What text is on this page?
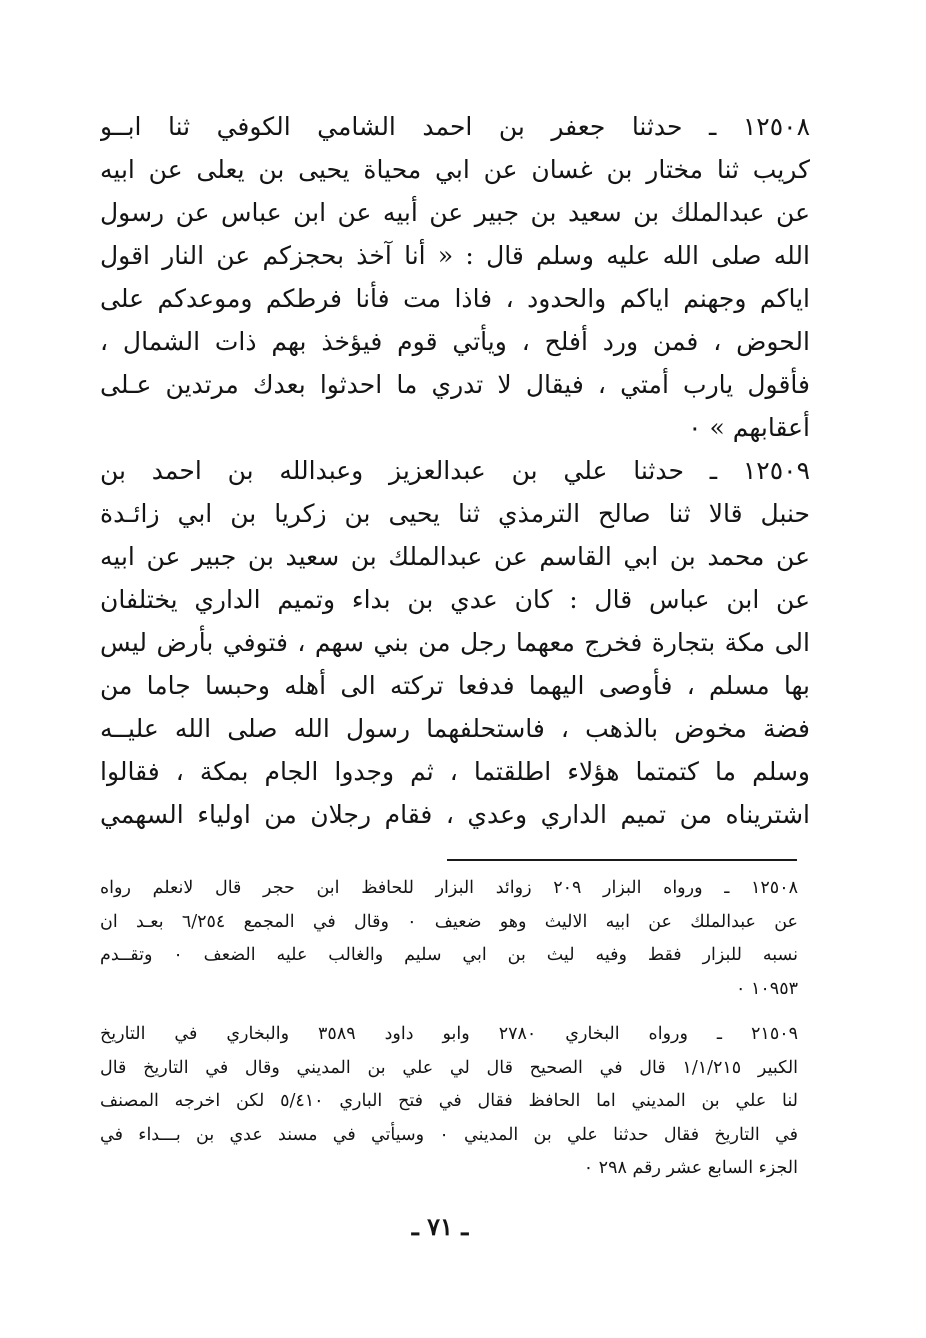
١٢٥٠٨ ـ حدثنا جعفر بن احمد الشامي الكوفي ثنا ابــو
كريب ثنا مختار بن غسان عن ابي محياة يحيى بن يعلى عن ابيه
عن عبدالملك بن سعيد بن جبير عن أبيه عن ابن عباس عن رسول
الله صلى الله عليه وسلم قال : « أنا آخذ بحجزكم عن النار اقول
اياكم وجهنم اياكم والحدود ، فاذا مت فأنا فرطكم وموعدكم على
الحوض ، فمن ورد أفلح ، ويأتي قوم فيؤخذ بهم ذات الشمال ،
فأقول يارب أمتي ، فيقال لا تدري ما احدثوا بعدك مرتدين عـلى
أعقابهم » ٠
١٢٥٠٩ ـ حدثنا علي بن عبدالعزيز وعبدالله بن احمد بن
حنبل قالا ثنا صالح الترمذي ثنا يحيى بن زكريا بن ابي زائـدة
عن محمد بن ابي القاسم عن عبدالملك بن سعيد بن جبير عن ابيه
عن ابن عباس قال : كان عدي بن بداء وتميم الداري يختلفان
الى مكة بتجارة فخرج معهما رجل من بني سهم ، فتوفي بأرض ليس
بها مسلم ، فأوصى اليهما فدفعا تركته الى أهله وحبسا جاما من
فضة مخوض بالذهب ، فاستحلفهما رسول الله صلى الله عليــه
وسلم ما كتمتما هؤلاء اطلقتما ، ثم وجدوا الجام بمكة ، فقالوا
اشتريناه من تميم الداري وعدي ، فقام رجلان من اولياء السهمي
١٢٥٠٨ ـ ورواه البزار ٢٠٩ زوائد البزار للحافظ ابن حجر قال لانعلم رواه
عن عبدالملك عن ابيه الاليث وهو ضعيف ٠ وقال في المجمع ٦/٢٥٤ بعـد ان
نسبه للبزار فقط وفيه ليث بن ابي سليم والغالب عليه الضعف ٠ وتقــدم
١٠٩٥٣ ٠
٢١٥٠٩ ـ ورواه البخاري ٢٧٨٠ وابو داود ٣٥٨٩ والبخاري في التاريخ
الكبير ١/١/٢١٥ قال في الصحيح قال لي علي بن المديني وقال في التاريخ قال
لنا علي بن المديني اما الحافظ فقال في فتح الباري ٥/٤١٠ لكن اخرجه المصنف
في التاريخ فقال حدثنا علي بن المديني ٠ وسيأتي في مسند عدي بن بـــداء في
الجزء السابع عشر رقم ٢٩٨ ٠
ـ ٧١ ـ
